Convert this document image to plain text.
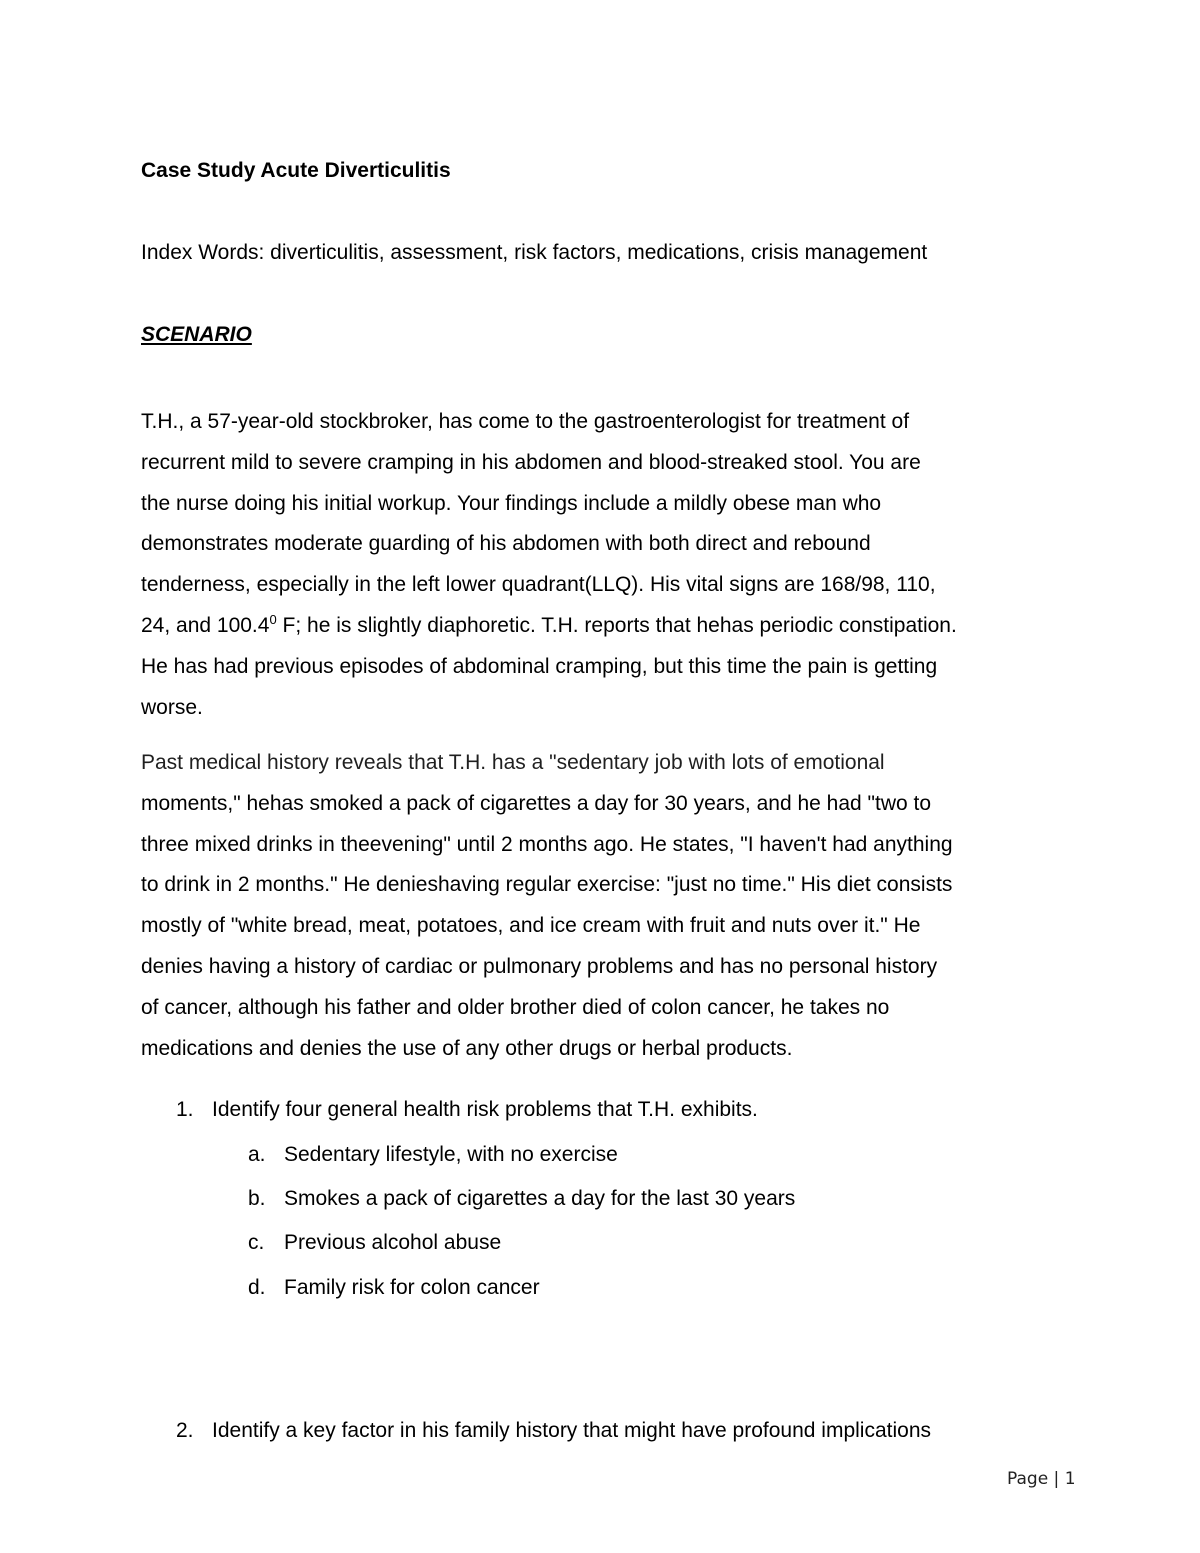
Case Study Acute Diverticulitis
Index Words: diverticulitis, assessment, risk factors, medications, crisis management
SCENARIO
T.H., a 57-year-old stockbroker, has come to the gastroenterologist for treatment of
recurrent mild to severe cramping in his abdomen and blood-streaked stool. You are
the nurse doing his initial workup. Your findings include a mildly obese man who
demonstrates moderate guarding of his abdomen with both direct and rebound
tenderness, especially in the left lower quadrant(LLQ). His vital signs are 168/98, 110,
24, and 100.4$^0$ F; he is slightly diaphoretic. T.H. reports that hehas periodic constipation.
He has had previous episodes of abdominal cramping, but this time the pain is getting
worse.
Past medical history reveals that T.H. has a "sedentary job with lots of emotional
moments," hehas smoked a pack of cigarettes a day for 30 years, and he had "two to
three mixed drinks in theevening" until 2 months ago. He states, "I haven't had anything
to drink in 2 months." He denieshaving regular exercise: "just no time." His diet consists
mostly of "white bread, meat, potatoes, and ice cream with fruit and nuts over it." He
denies having a history of cardiac or pulmonary problems and has no personal history
of cancer, although his father and older brother died of colon cancer, he takes no
medications and denies the use of any other drugs or herbal products.
1. Identify four general health risk problems that T.H. exhibits.
a. Sedentary lifestyle, with no exercise
b. Smokes a pack of cigarettes a day for the last 30 years
c. Previous alcohol abuse
d. Family risk for colon cancer
2. Identify a key factor in his family history that might have profound implications
Page | 1
